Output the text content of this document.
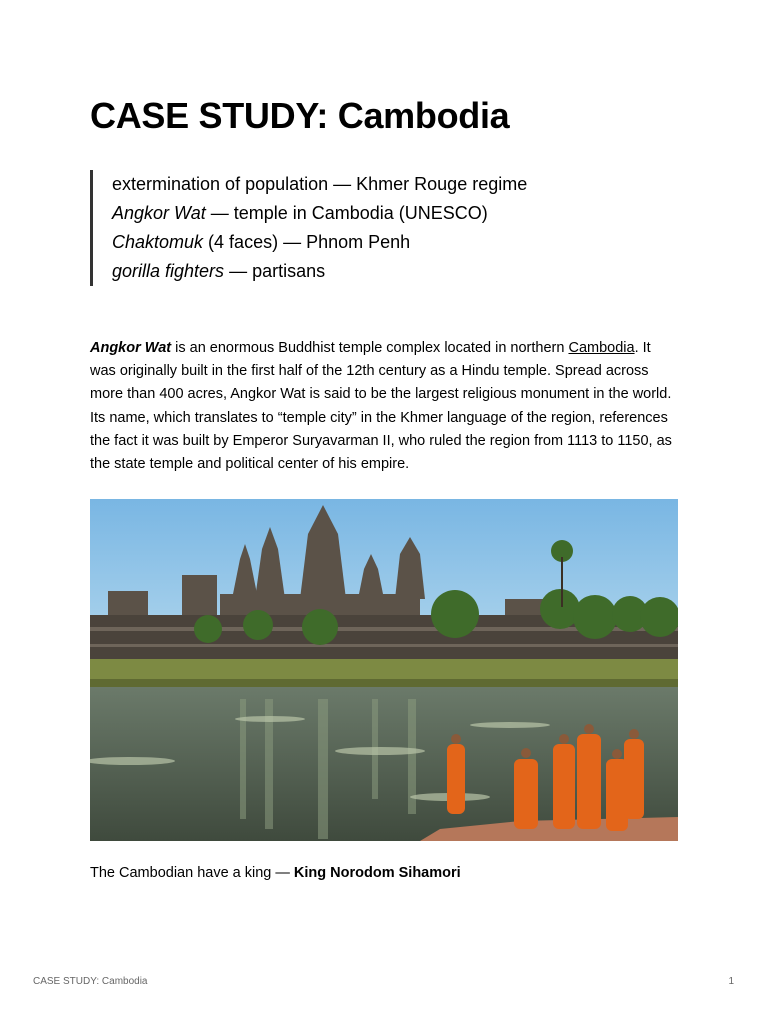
CASE STUDY: Cambodia
extermination of population — Khmer Rouge regime
Angkor Wat — temple in Cambodia (UNESCO)
Chaktomuk (4 faces) — Phnom Penh
gorilla fighters — partisans

Angkor Wat is an enormous Buddhist temple complex located in northern Cambodia. It was originally built in the first half of the 12th century as a Hindu temple. Spread across more than 400 acres, Angkor Wat is said to be the largest religious monument in the world. Its name, which translates to “temple city” in the Khmer language of the region, references the fact it was built by Emperor Suryavarman II, who ruled the region from 1113 to 1150, as the state temple and political center of his empire.

The Cambodian have a king — King Norodom Sihamori
CASE STUDY: Cambodia	1
